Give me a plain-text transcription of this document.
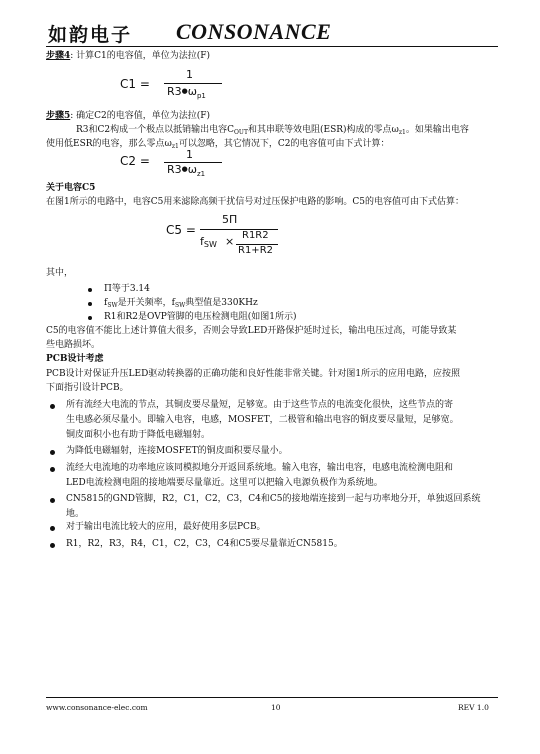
如韵电子 CONSONANCE
步骤4: 计算C1的电容值，单位为法拉(F)
C1 =
1
$R3●\omega_{p1}$
步骤5: 确定C2的电容值，单位为法拉(F)
R3和C2构成一个极点以抵销输出电容$C_{OUT}$和其串联等效电阻(ESR)构成的零点$\omega_{z1}$。如果输出电容
使用低ESR的电容，那么零点$\omega_{z1}$可以忽略，其它情况下，C2的电容值可由下式计算：
C2 =	1
$R3●\omega_{z1}$
关于电容C5
在图1所示的电路中，电容C5用来滤除高频干扰信号对过压保护电路的影响。C5的电容值可由下式估算：
C5 =
5Π
fSW × R1R2
R1+R2
其中，
Π等于3.14
$f_{SW}$是开关频率，$f_{SW}$典型值是330KHz
R1和R2是OVP管脚的电压检测电阻(如图1所示)
C5的电容值不能比上述计算值大很多，否则会导致LED开路保护延时过长，输出电压过高，可能导致某
些电路损坏。
PCB设计考虑
PCB设计对保证升压LED驱动转换器的正确功能和良好性能非常关键。针对图1所示的应用电路，应按照
下面指引设计PCB。
所有流经大电流的节点，其铜皮要尽量短，足够宽。由于这些节点的电流变化很快，这些节点的寄
生电感必须尽量小。即输入电容，电感，MOSFET，二极管和输出电容的铜皮要尽量短，足够宽。
铜皮面积小也有助于降低电磁辐射。
为降低电磁辐射，连接MOSFET的铜皮面积要尽量小。
流经大电流地的功率地应该同模拟地分开返回系统地。输入电容，输出电容，电感电流检测电阻和
LED电流检测电阻的接地端要尽量靠近。这里可以把输入电源负极作为系统地。
CN5815的GND管脚，R2，C1，C2，C3，C4和C5的接地端连接到一起与功率地分开，单独返回系统
地。
对于输出电流比较大的应用，最好使用多层PCB。
R1，R2，R3，R4，C1，C2，C3，C4和C5要尽量靠近CN5815。
www.consonance-elec.com	10	REV 1.0
